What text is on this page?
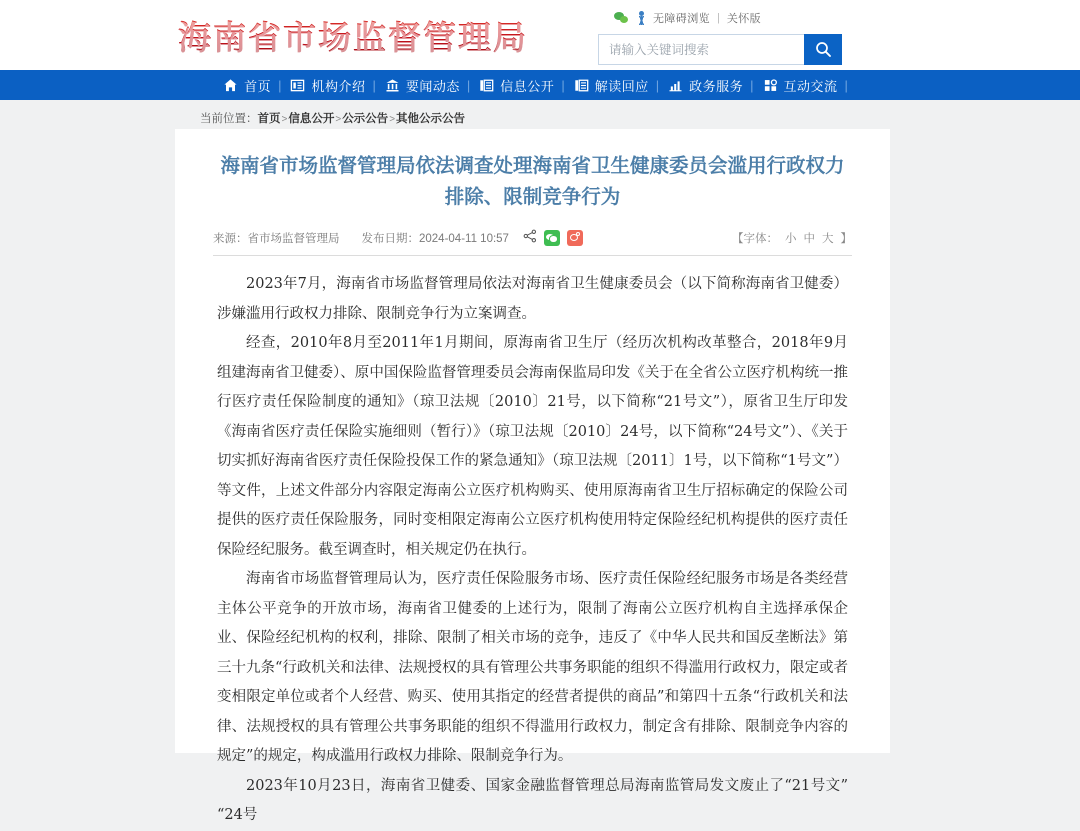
海南省市场监督管理局	无障碍浏览 | 关怀版
请输入关键词搜索
首页 | 机构介绍 | 要闻动态 | 信息公开 | 解读回应 | 政务服务 | 互动交流 |
当前位置：首页>信息公开>公示公告>其他公示公告
海南省市场监督管理局依法调查处理海南省卫生健康委员会滥用行政权力排除、限制竞争行为
来源：省市场监督管理局 发布日期：2024-04-11 10:57	【字体： 小 中 大 】

2023年7月，海南省市场监督管理局依法对海南省卫生健康委员会（以下简称海南省卫健委）涉嫌滥用行政权力排除、限制竞争行为立案调查。

经查，2010年8月至2011年1月期间，原海南省卫生厅（经历次机构改革整合，2018年9月组建海南省卫健委）、原中国保险监督管理委员会海南保监局印发《关于在全省公立医疗机构统一推行医疗责任保险制度的通知》（琼卫法规〔2010〕21号，以下简称“21号文”），原省卫生厅印发《海南省医疗责任保险实施细则（暂行）》（琼卫法规〔2010〕24号，以下简称“24号文”）、《关于切实抓好海南省医疗责任保险投保工作的紧急通知》（琼卫法规〔2011〕1号，以下简称“1号文”）等文件，上述文件部分内容限定海南公立医疗机构购买、使用原海南省卫生厅招标确定的保险公司提供的医疗责任保险服务，同时变相限定海南公立医疗机构使用特定保险经纪机构提供的医疗责任保险经纪服务。截至调查时，相关规定仍在执行。

海南省市场监督管理局认为，医疗责任保险服务市场、医疗责任保险经纪服务市场是各类经营主体公平竞争的开放市场，海南省卫健委的上述行为，限制了海南公立医疗机构自主选择承保企业、保险经纪机构的权利，排除、限制了相关市场的竞争，违反了《中华人民共和国反垄断法》第三十九条“行政机关和法律、法规授权的具有管理公共事务职能的组织不得滥用行政权力，限定或者变相限定单位或者个人经营、购买、使用其指定的经营者提供的商品”和第四十五条“行政机关和法律、法规授权的具有管理公共事务职能的组织不得滥用行政权力，制定含有排除、限制竞争内容的规定”的规定，构成滥用行政权力排除、限制竞争行为。

2023年10月23日，海南省卫健委、国家金融监督管理总局海南监管局发文废止了“21号文”“24号
